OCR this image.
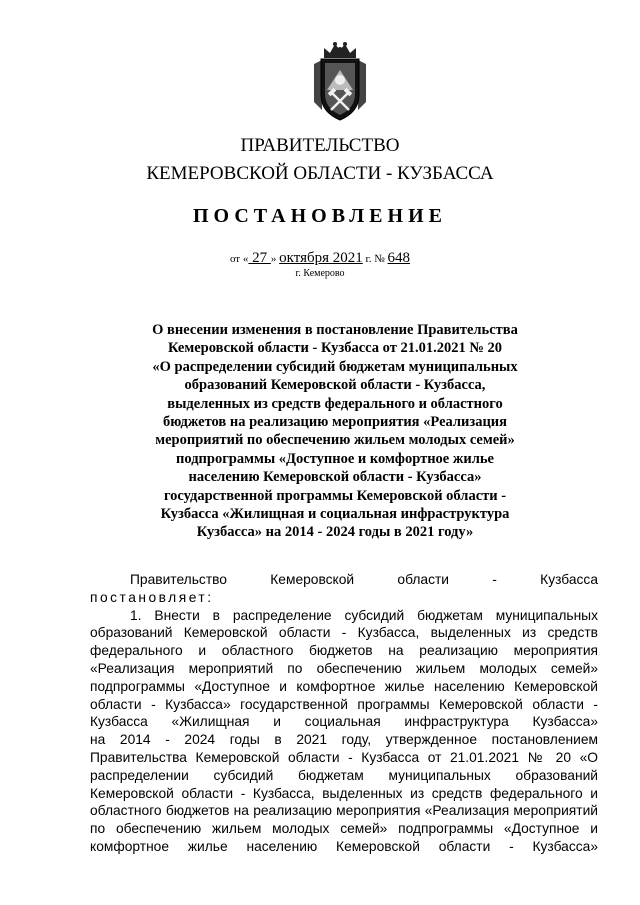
ПРАВИТЕЛЬСТВО
КЕМЕРОВСКОЙ ОБЛАСТИ - КУЗБАССА
ПОСТАНОВЛЕНИЕ
от « 27 » октября 2021 г. № 648
г. Кемерово
О внесении изменения в постановление Правительства
Кемеровской области - Кузбасса от 21.01.2021 № 20
«О распределении субсидий бюджетам муниципальных
образований Кемеровской области - Кузбасса,
выделенных из средств федерального и областного
бюджетов на реализацию мероприятия «Реализация
мероприятий по обеспечению жильем молодых семей»
подпрограммы «Доступное и комфортное жилье
населению Кемеровской области - Кузбасса»
государственной программы Кемеровской области -
Кузбасса «Жилищная и социальная инфраструктура
Кузбасса» на 2014 - 2024 годы в 2021 году»
Правительство Кемеровской области - Кузбасса
постановляет:
1. Внести в распределение субсидий бюджетам муниципальных
образований Кемеровской области - Кузбасса, выделенных из средств
федерального и областного бюджетов на реализацию мероприятия
«Реализация мероприятий по обеспечению жильем молодых семей»
подпрограммы «Доступное и комфортное жилье населению Кемеровской
области - Кузбасса» государственной программы Кемеровской области -
Кузбасса «Жилищная и социальная инфраструктура Кузбасса»
на 2014 - 2024 годы в 2021 году, утвержденное постановлением
Правительства Кемеровской области - Кузбасса от 21.01.2021 № 20 «О
распределении субсидий бюджетам муниципальных образований
Кемеровской области - Кузбасса, выделенных из средств федерального и
областного бюджетов на реализацию мероприятия «Реализация мероприятий
по обеспечению жильем молодых семей» подпрограммы «Доступное и
комфортное жилье населению Кемеровской области - Кузбасса»
